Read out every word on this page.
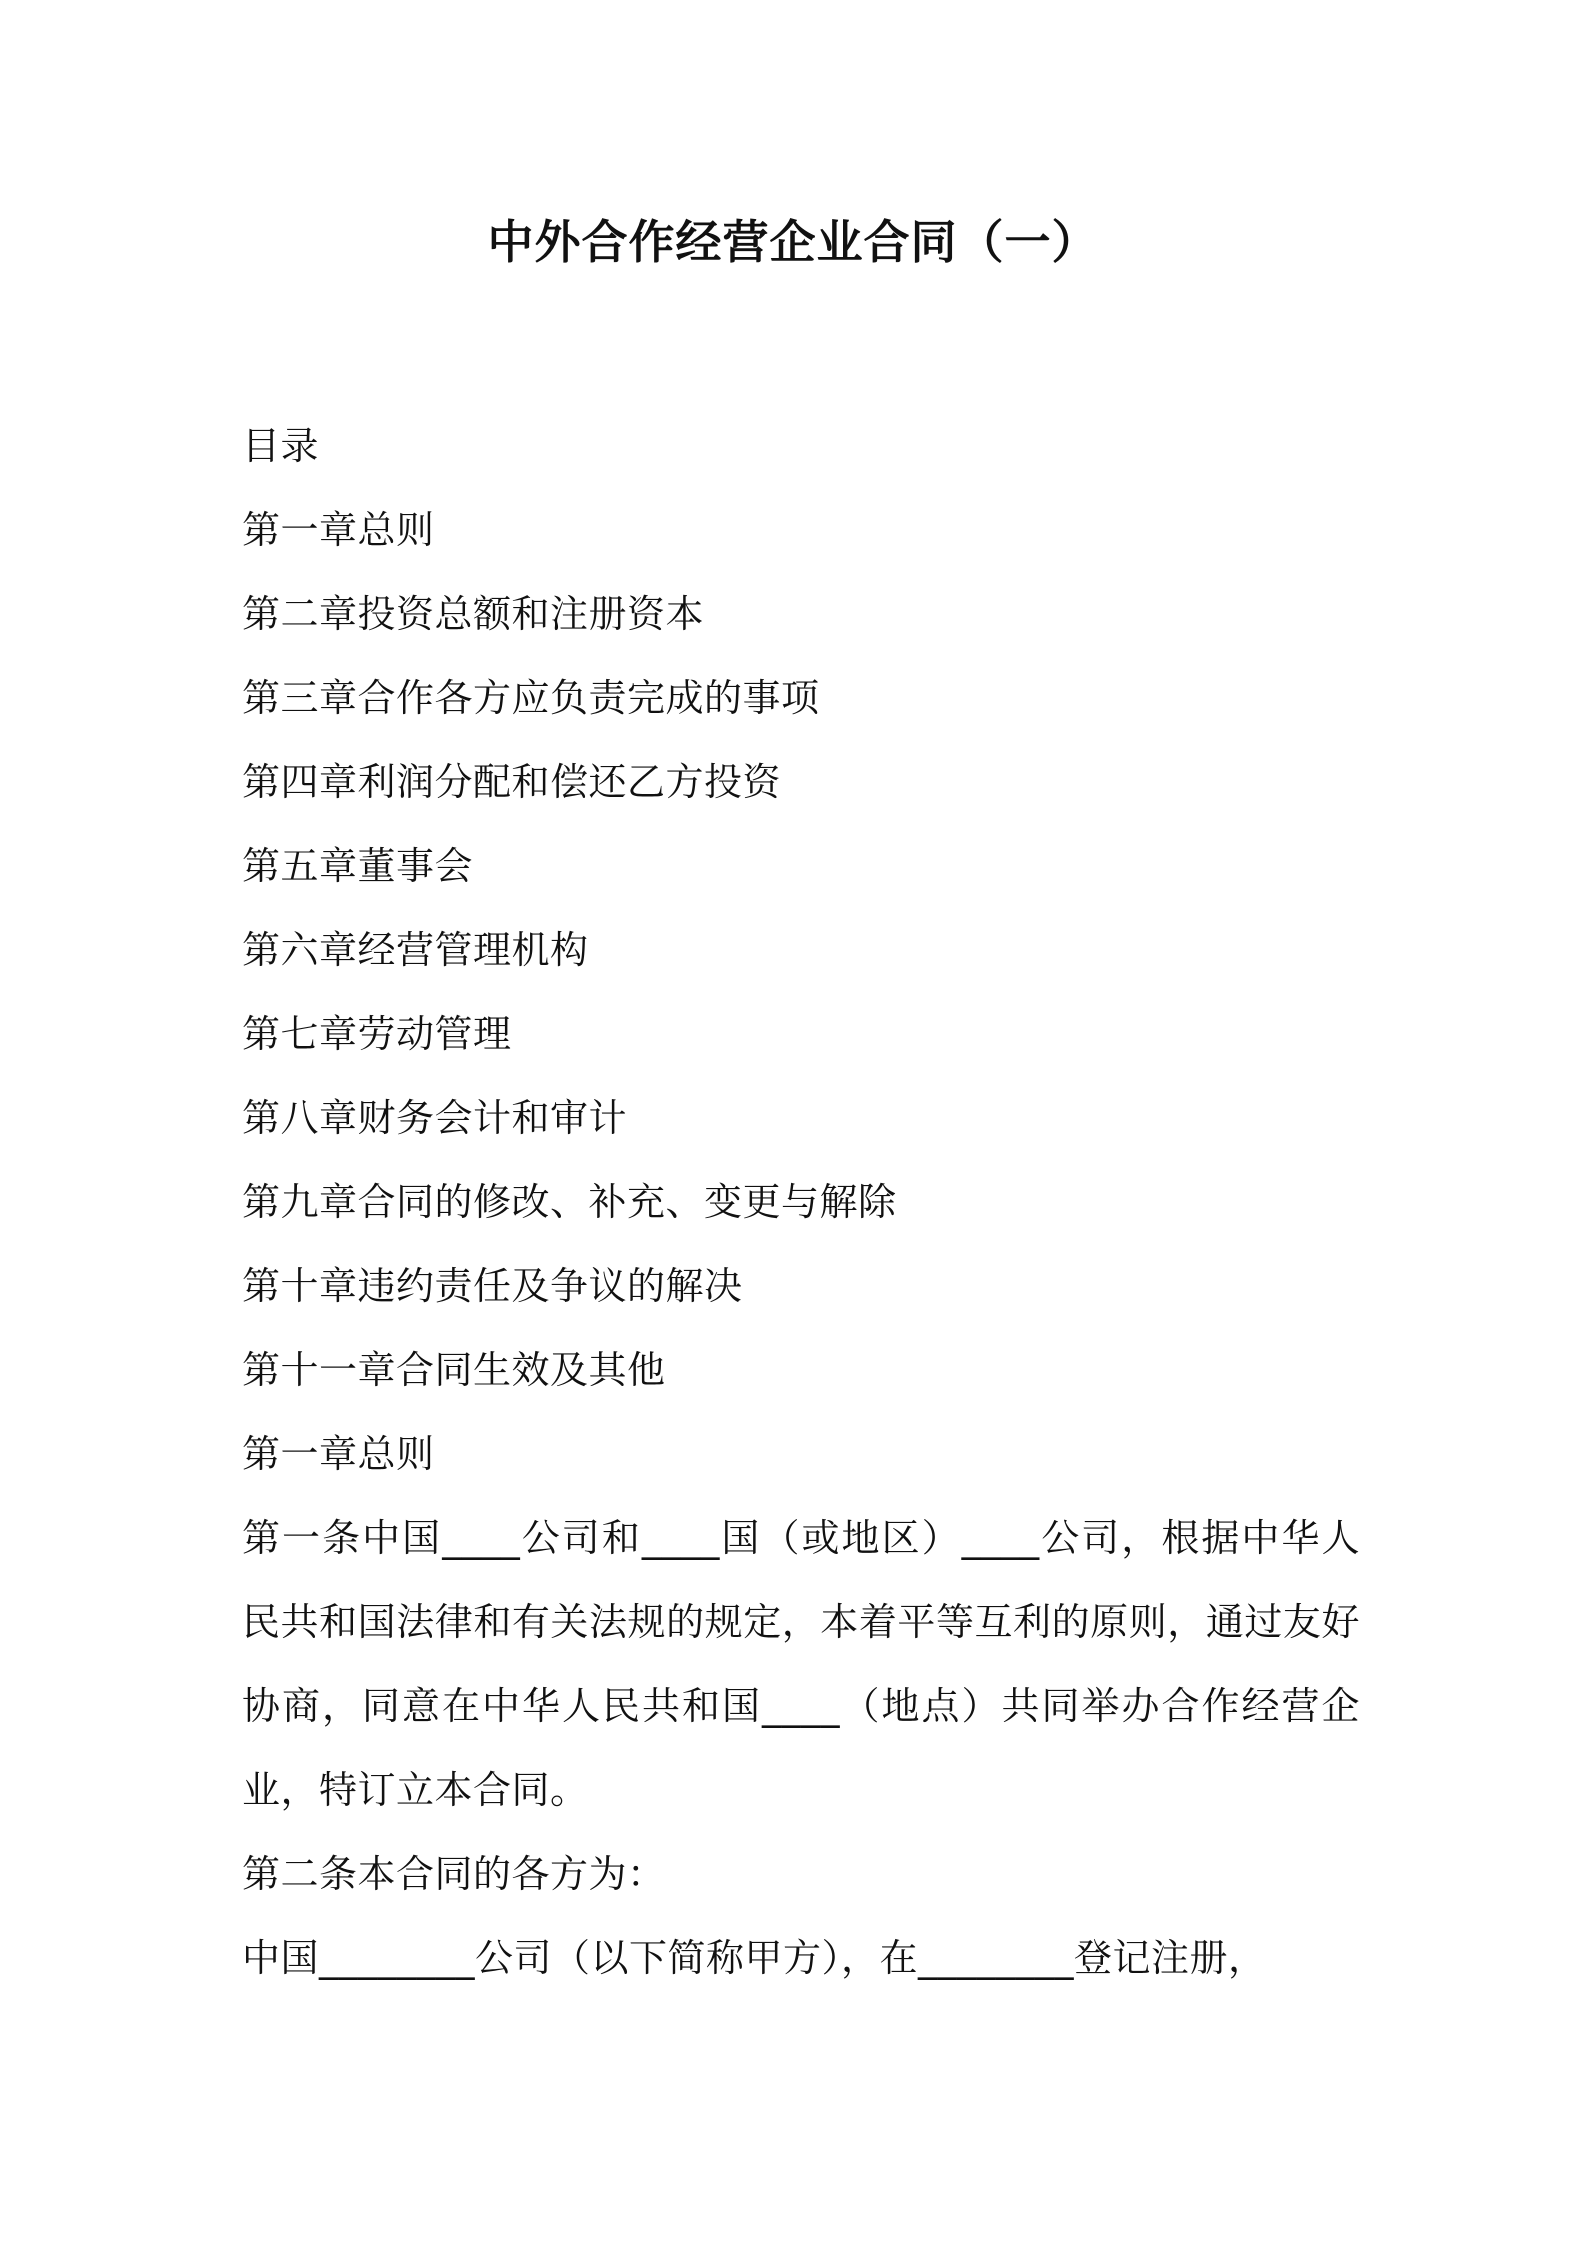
中外合作经营企业合同（一）
目录
第一章总则
第二章投资总额和注册资本
第三章合作各方应负责完成的事项
第四章利润分配和偿还乙方投资
第五章董事会
第六章经营管理机构
第七章劳动管理
第八章财务会计和审计
第九章合同的修改、补充、变更与解除
第十章违约责任及争议的解决
第十一章合同生效及其他
第一章总则
第一条中国____公司和____国（或地区）____公司，根据中华人民共和国法律和有关法规的规定，本着平等互利的原则，通过友好协商，同意在中华人民共和国____（地点）共同举办合作经营企业，特订立本合同。
第二条本合同的各方为：
中国________公司（以下简称甲方），在________登记注册，
